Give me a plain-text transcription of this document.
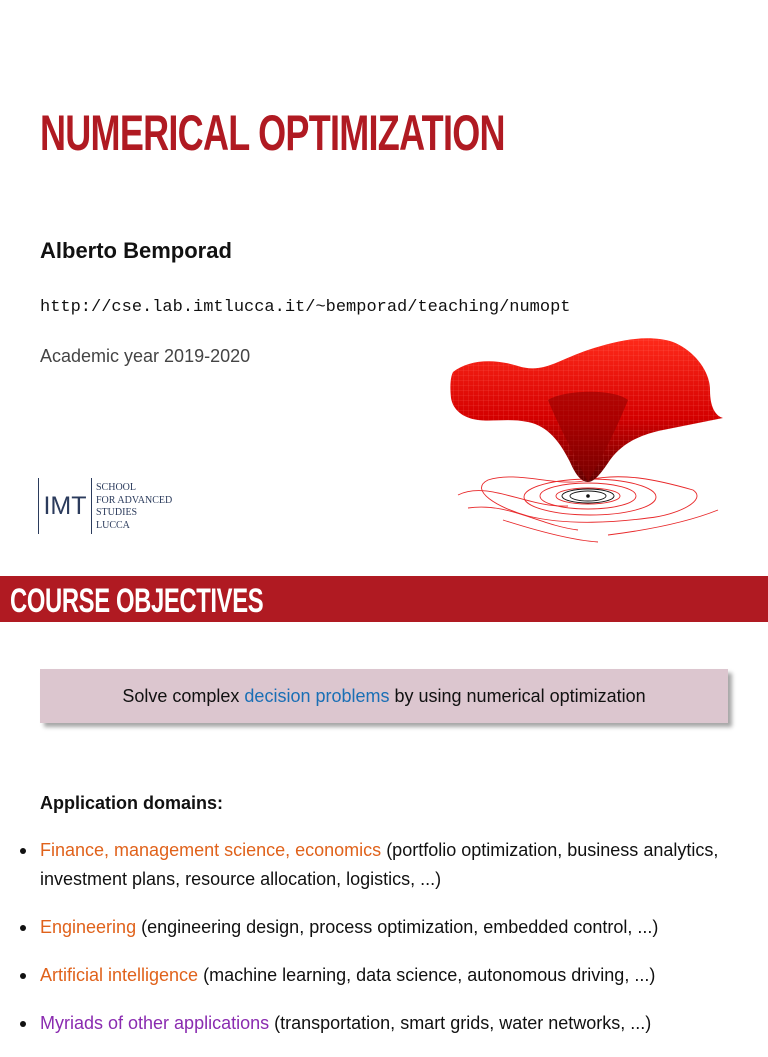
NUMERICAL OPTIMIZATION
Alberto Bemporad
http://cse.lab.imtlucca.it/~bemporad/teaching/numopt
Academic year 2019-2020
IMT
SCHOOL
FOR ADVANCED
STUDIES
LUCCA
COURSE OBJECTIVES
Solve complex decision problems by using numerical optimization
Application domains:
Finance, management science, economics (portfolio optimization, business analytics, investment plans, resource allocation, logistics, ...)
Engineering (engineering design, process optimization, embedded control, ...)
Artificial intelligence (machine learning, data science, autonomous driving, ...)
Myriads of other applications (transportation, smart grids, water networks, ...)
